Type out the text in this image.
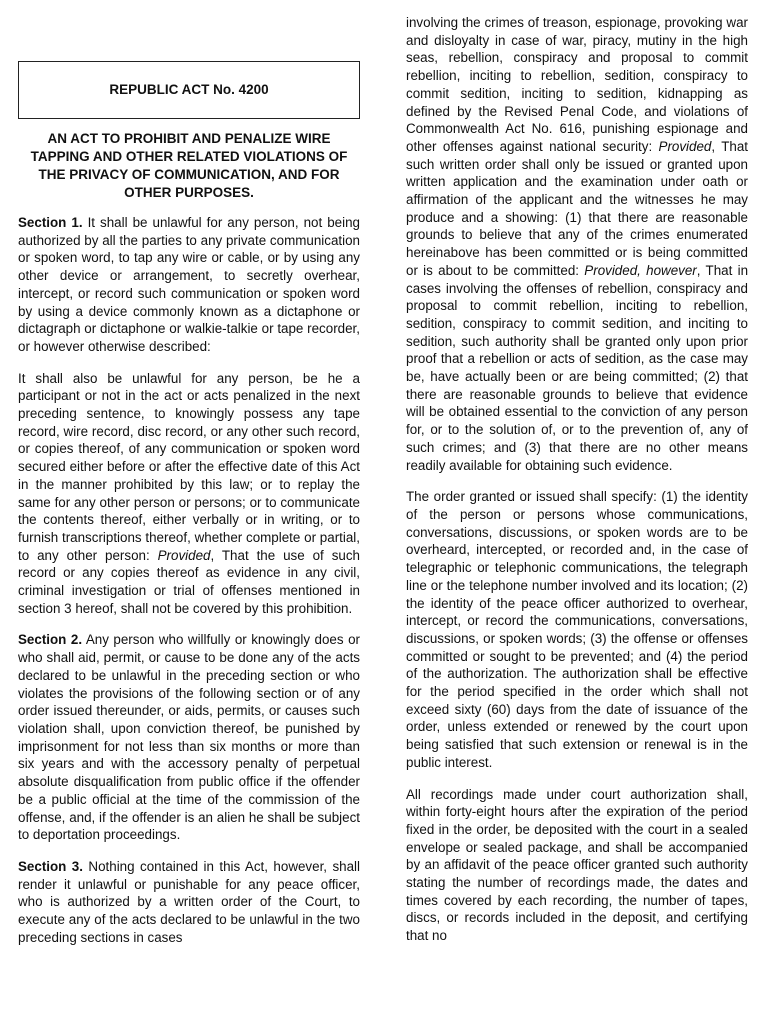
REPUBLIC ACT No. 4200
AN ACT TO PROHIBIT AND PENALIZE WIRE TAPPING AND OTHER RELATED VIOLATIONS OF THE PRIVACY OF COMMUNICATION, AND FOR OTHER PURPOSES.

Section 1. It shall be unlawful for any person, not being authorized by all the parties to any private communication or spoken word, to tap any wire or cable, or by using any other device or arrangement, to secretly overhear, intercept, or record such communication or spoken word by using a device commonly known as a dictaphone or dictagraph or dictaphone or walkie-talkie or tape recorder, or however otherwise described:

It shall also be unlawful for any person, be he a participant or not in the act or acts penalized in the next preceding sentence, to knowingly possess any tape record, wire record, disc record, or any other such record, or copies thereof, of any communication or spoken word secured either before or after the effective date of this Act in the manner prohibited by this law; or to replay the same for any other person or persons; or to communicate the contents thereof, either verbally or in writing, or to furnish transcriptions thereof, whether complete or partial, to any other person: Provided, That the use of such record or any copies thereof as evidence in any civil, criminal investigation or trial of offenses mentioned in section 3 hereof, shall not be covered by this prohibition.

Section 2. Any person who willfully or knowingly does or who shall aid, permit, or cause to be done any of the acts declared to be unlawful in the preceding section or who violates the provisions of the following section or of any order issued thereunder, or aids, permits, or causes such violation shall, upon conviction thereof, be punished by imprisonment for not less than six months or more than six years and with the accessory penalty of perpetual absolute disqualification from public office if the offender be a public official at the time of the commission of the offense, and, if the offender is an alien he shall be subject to deportation proceedings.

Section 3. Nothing contained in this Act, however, shall render it unlawful or punishable for any peace officer, who is authorized by a written order of the Court, to execute any of the acts declared to be unlawful in the two preceding sections in cases

involving the crimes of treason, espionage, provoking war and disloyalty in case of war, piracy, mutiny in the high seas, rebellion, conspiracy and proposal to commit rebellion, inciting to rebellion, sedition, conspiracy to commit sedition, inciting to sedition, kidnapping as defined by the Revised Penal Code, and violations of Commonwealth Act No. 616, punishing espionage and other offenses against national security: Provided, That such written order shall only be issued or granted upon written application and the examination under oath or affirmation of the applicant and the witnesses he may produce and a showing: (1) that there are reasonable grounds to believe that any of the crimes enumerated hereinabove has been committed or is being committed or is about to be committed: Provided, however, That in cases involving the offenses of rebellion, conspiracy and proposal to commit rebellion, inciting to rebellion, sedition, conspiracy to commit sedition, and inciting to sedition, such authority shall be granted only upon prior proof that a rebellion or acts of sedition, as the case may be, have actually been or are being committed; (2) that there are reasonable grounds to believe that evidence will be obtained essential to the conviction of any person for, or to the solution of, or to the prevention of, any of such crimes; and (3) that there are no other means readily available for obtaining such evidence.

The order granted or issued shall specify: (1) the identity of the person or persons whose communications, conversations, discussions, or spoken words are to be overheard, intercepted, or recorded and, in the case of telegraphic or telephonic communications, the telegraph line or the telephone number involved and its location; (2) the identity of the peace officer authorized to overhear, intercept, or record the communications, conversations, discussions, or spoken words; (3) the offense or offenses committed or sought to be prevented; and (4) the period of the authorization. The authorization shall be effective for the period specified in the order which shall not exceed sixty (60) days from the date of issuance of the order, unless extended or renewed by the court upon being satisfied that such extension or renewal is in the public interest.

All recordings made under court authorization shall, within forty-eight hours after the expiration of the period fixed in the order, be deposited with the court in a sealed envelope or sealed package, and shall be accompanied by an affidavit of the peace officer granted such authority stating the number of recordings made, the dates and times covered by each recording, the number of tapes, discs, or records included in the deposit, and certifying that no
